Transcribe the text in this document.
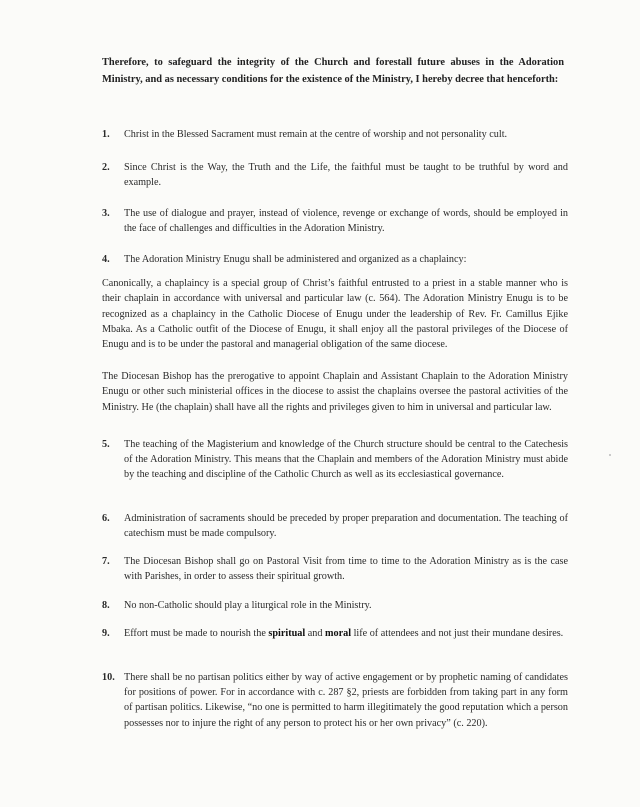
Therefore, to safeguard the integrity of the Church and forestall future abuses in the Adoration Ministry, and as necessary conditions for the existence of the Ministry, I hereby decree that henceforth:
1. Christ in the Blessed Sacrament must remain at the centre of worship and not personality cult.
2. Since Christ is the Way, the Truth and the Life, the faithful must be taught to be truthful by word and example.
3. The use of dialogue and prayer, instead of violence, revenge or exchange of words, should be employed in the face of challenges and difficulties in the Adoration Ministry.
4. The Adoration Ministry Enugu shall be administered and organized as a chaplaincy:
Canonically, a chaplaincy is a special group of Christ’s faithful entrusted to a priest in a stable manner who is their chaplain in accordance with universal and particular law (c. 564). The Adoration Ministry Enugu is to be recognized as a chaplaincy in the Catholic Diocese of Enugu under the leadership of Rev. Fr. Camillus Ejike Mbaka. As a Catholic outfit of the Diocese of Enugu, it shall enjoy all the pastoral privileges of the Diocese of Enugu and is to be under the pastoral and managerial obligation of the same diocese.
The Diocesan Bishop has the prerogative to appoint Chaplain and Assistant Chaplain to the Adoration Ministry Enugu or other such ministerial offices in the diocese to assist the chaplains oversee the pastoral activities of the Ministry. He (the chaplain) shall have all the rights and privileges given to him in universal and particular law.
5. The teaching of the Magisterium and knowledge of the Church structure should be central to the Catechesis of the Adoration Ministry. This means that the Chaplain and members of the Adoration Ministry must abide by the teaching and discipline of the Catholic Church as well as its ecclesiastical governance.
6. Administration of sacraments should be preceded by proper preparation and documentation. The teaching of catechism must be made compulsory.
7. The Diocesan Bishop shall go on Pastoral Visit from time to time to the Adoration Ministry as is the case with Parishes, in order to assess their spiritual growth.
8. No non-Catholic should play a liturgical role in the Ministry.
9. Effort must be made to nourish the spiritual and moral life of attendees and not just their mundane desires.
10. There shall be no partisan politics either by way of active engagement or by prophetic naming of candidates for positions of power. For in accordance with c. 287 §2, priests are forbidden from taking part in any form of partisan politics. Likewise, “no one is permitted to harm illegitimately the good reputation which a person possesses nor to injure the right of any person to protect his or her own privacy” (c. 220).
